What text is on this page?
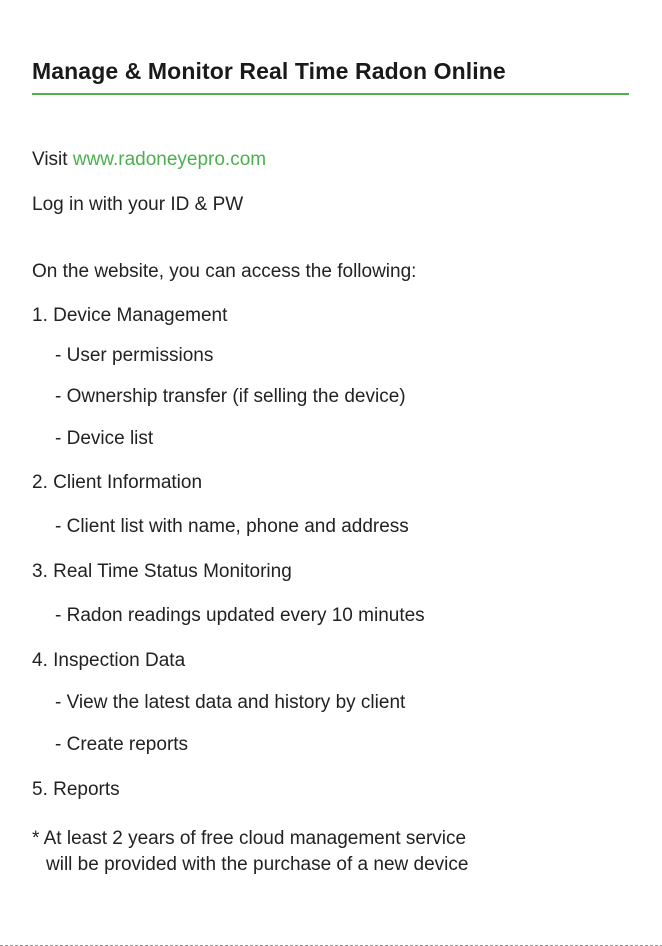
Manage & Monitor Real Time Radon Online
Visit www.radoneyepro.com
Log in with your ID & PW
On the website, you can access the following:
1. Device Management
- User permissions
- Ownership transfer (if selling the device)
- Device list
2. Client Information
- Client list with name, phone and address
3. Real Time Status Monitoring
- Radon readings updated every 10 minutes
4. Inspection Data
- View the latest data and history by client
- Create reports
5. Reports
* At least 2 years of free cloud management service
will be provided with the purchase of a new device
